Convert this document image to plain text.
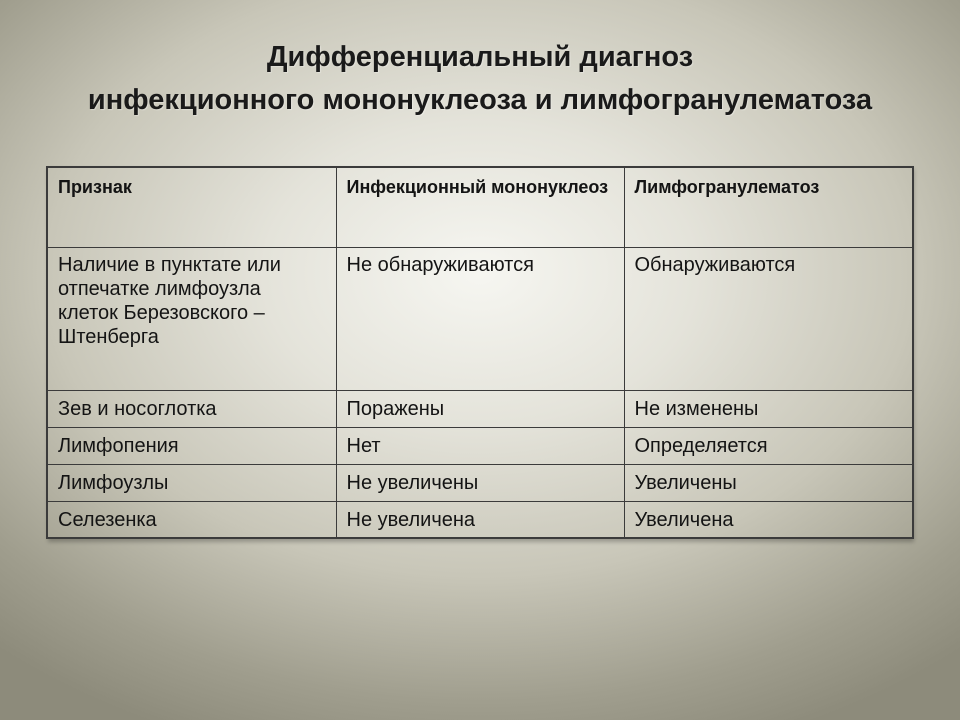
Дифференциальный диагноз
инфекционного мононуклеоза и лимфогранулематоза
Признак	Инфекционный мононуклеоз	Лимфогранулематоз
Наличие в пунктате или отпечатке лимфоузла клеток Березовского – Штенберга	Не обнаруживаются	Обнаруживаются
Зев и носоглотка	Поражены	Не изменены
Лимфопения	Нет	Определяется
Лимфоузлы	Не увеличены	Увеличены
Селезенка	Не увеличена	Увеличена
